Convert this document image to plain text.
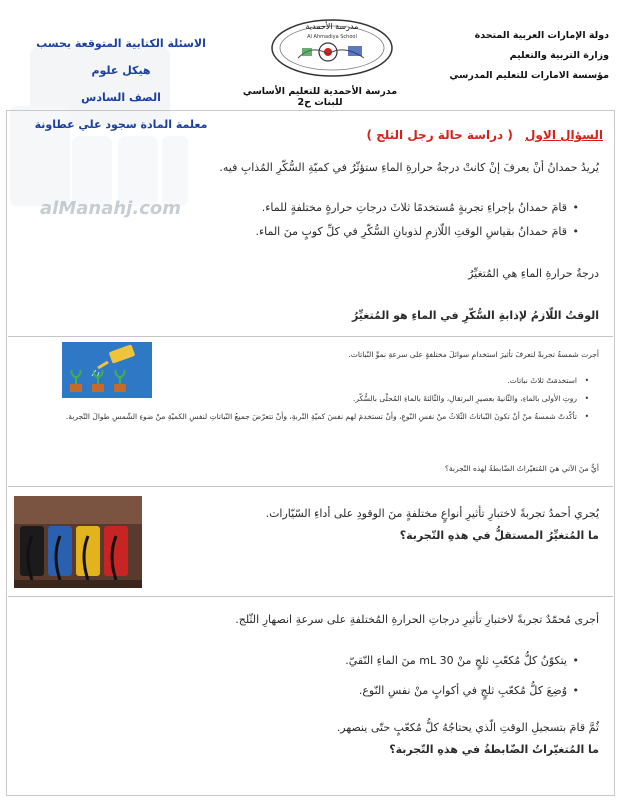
alManahj.com
دولة الإمارات العربية المتحدة
وزارة التربية والتعليم
مؤسسة الامارات للتعليم المدرسي
مدرسة الأحمدية
Al Ahmadiya School
الاسئلة الكتابية المتوقعة بحسب هيكل علوم
الصف السادس
معلمة المادة سجود علي عطاونة
مدرسة الأحمدية للتعليم الأساسي للبنات ح2
السؤال الاول ( دراسة حالة رجل الثلج )
يُريدُ حمدانُ أنْ يعرفَ إنْ كانتْ درجةُ حرارةِ الماءِ ستؤثّرُ في كميّةِ السُّكّرِ المُذابِ فيه.
• قامَ حمدانُ بإجراءِ تجربةٍ مُستخدمًا ثلاثَ درجاتِ حرارةٍ مختلفةٍ للماء.
• قامَ حمدانُ بقياسِ الوقتِ اللّازمِ لذوبانِ السُّكّرِ في كلِّ كوبٍ منَ الماء.
درجةُ حرارةِ الماءِ هي المُتغيِّرُ
الوقتُ اللّازمُ لإذابةِ السُّكّرِ في الماءِ هو المُتغيِّرُ
أجرت شمسةُ تجربةً لتعرفَ تأثيرَ استخدامِ سوائلَ مختلفةٍ على سرعةِ نموِّ النّباتات.
• استخدمَتْ ثلاثَ نباتات.
• روتِ الأولى بالماءِ، والثّانيةَ بعصيرِ البرتقالِ، والثّالثةَ بالماءِ المُحلّى بالسُّكّر.
• تأكّدتْ شمسةُ منْ أنْ تكونَ النّباتاتُ الثّلاثُ منْ نفسِ النّوعِ، وأنْ تستخدمَ لهم نفسَ كميّةِ التّربةِ، وأنْ تتعرّضَ جميعُ النّباتاتِ لنفسِ الكميّةِ منْ ضوءِ الشّمسِ طوالَ التّجربة.
أيٌّ منَ الآتي هيَ المُتغيّراتُ الضّابطةُ لهذه التّجربة؟
يُجري أحمدُ تجربةً لاختبارِ تأثيرِ أنواعٍ مختلفةٍ منَ الوقودِ على أداءِ السّيّارات.
ما المُتغيِّرُ المستقلُّ في هذهِ التّجربة؟
أجرى مُحمّدٌ تجربةً لاختبارِ تأثيرِ درجاتِ الحرارةِ المُختلفةِ على سرعةِ انصهارِ الثّلج.
• يتكوّنُ كلُّ مُكعّبِ ثلجٍ منْ 30 mL منَ الماءِ النّقيّ.
• وُضِعَ كلُّ مُكعّبِ ثلجٍ في أكوابٍ منْ نفسِ النّوع.
ثُمَّ قامَ بتسجيلِ الوقتِ الّذي يحتاجُهُ كلُّ مُكعّبٍ حتّى ينصهر.
ما المُتغيّراتُ الضّابطةُ في هذهِ التّجربة؟
